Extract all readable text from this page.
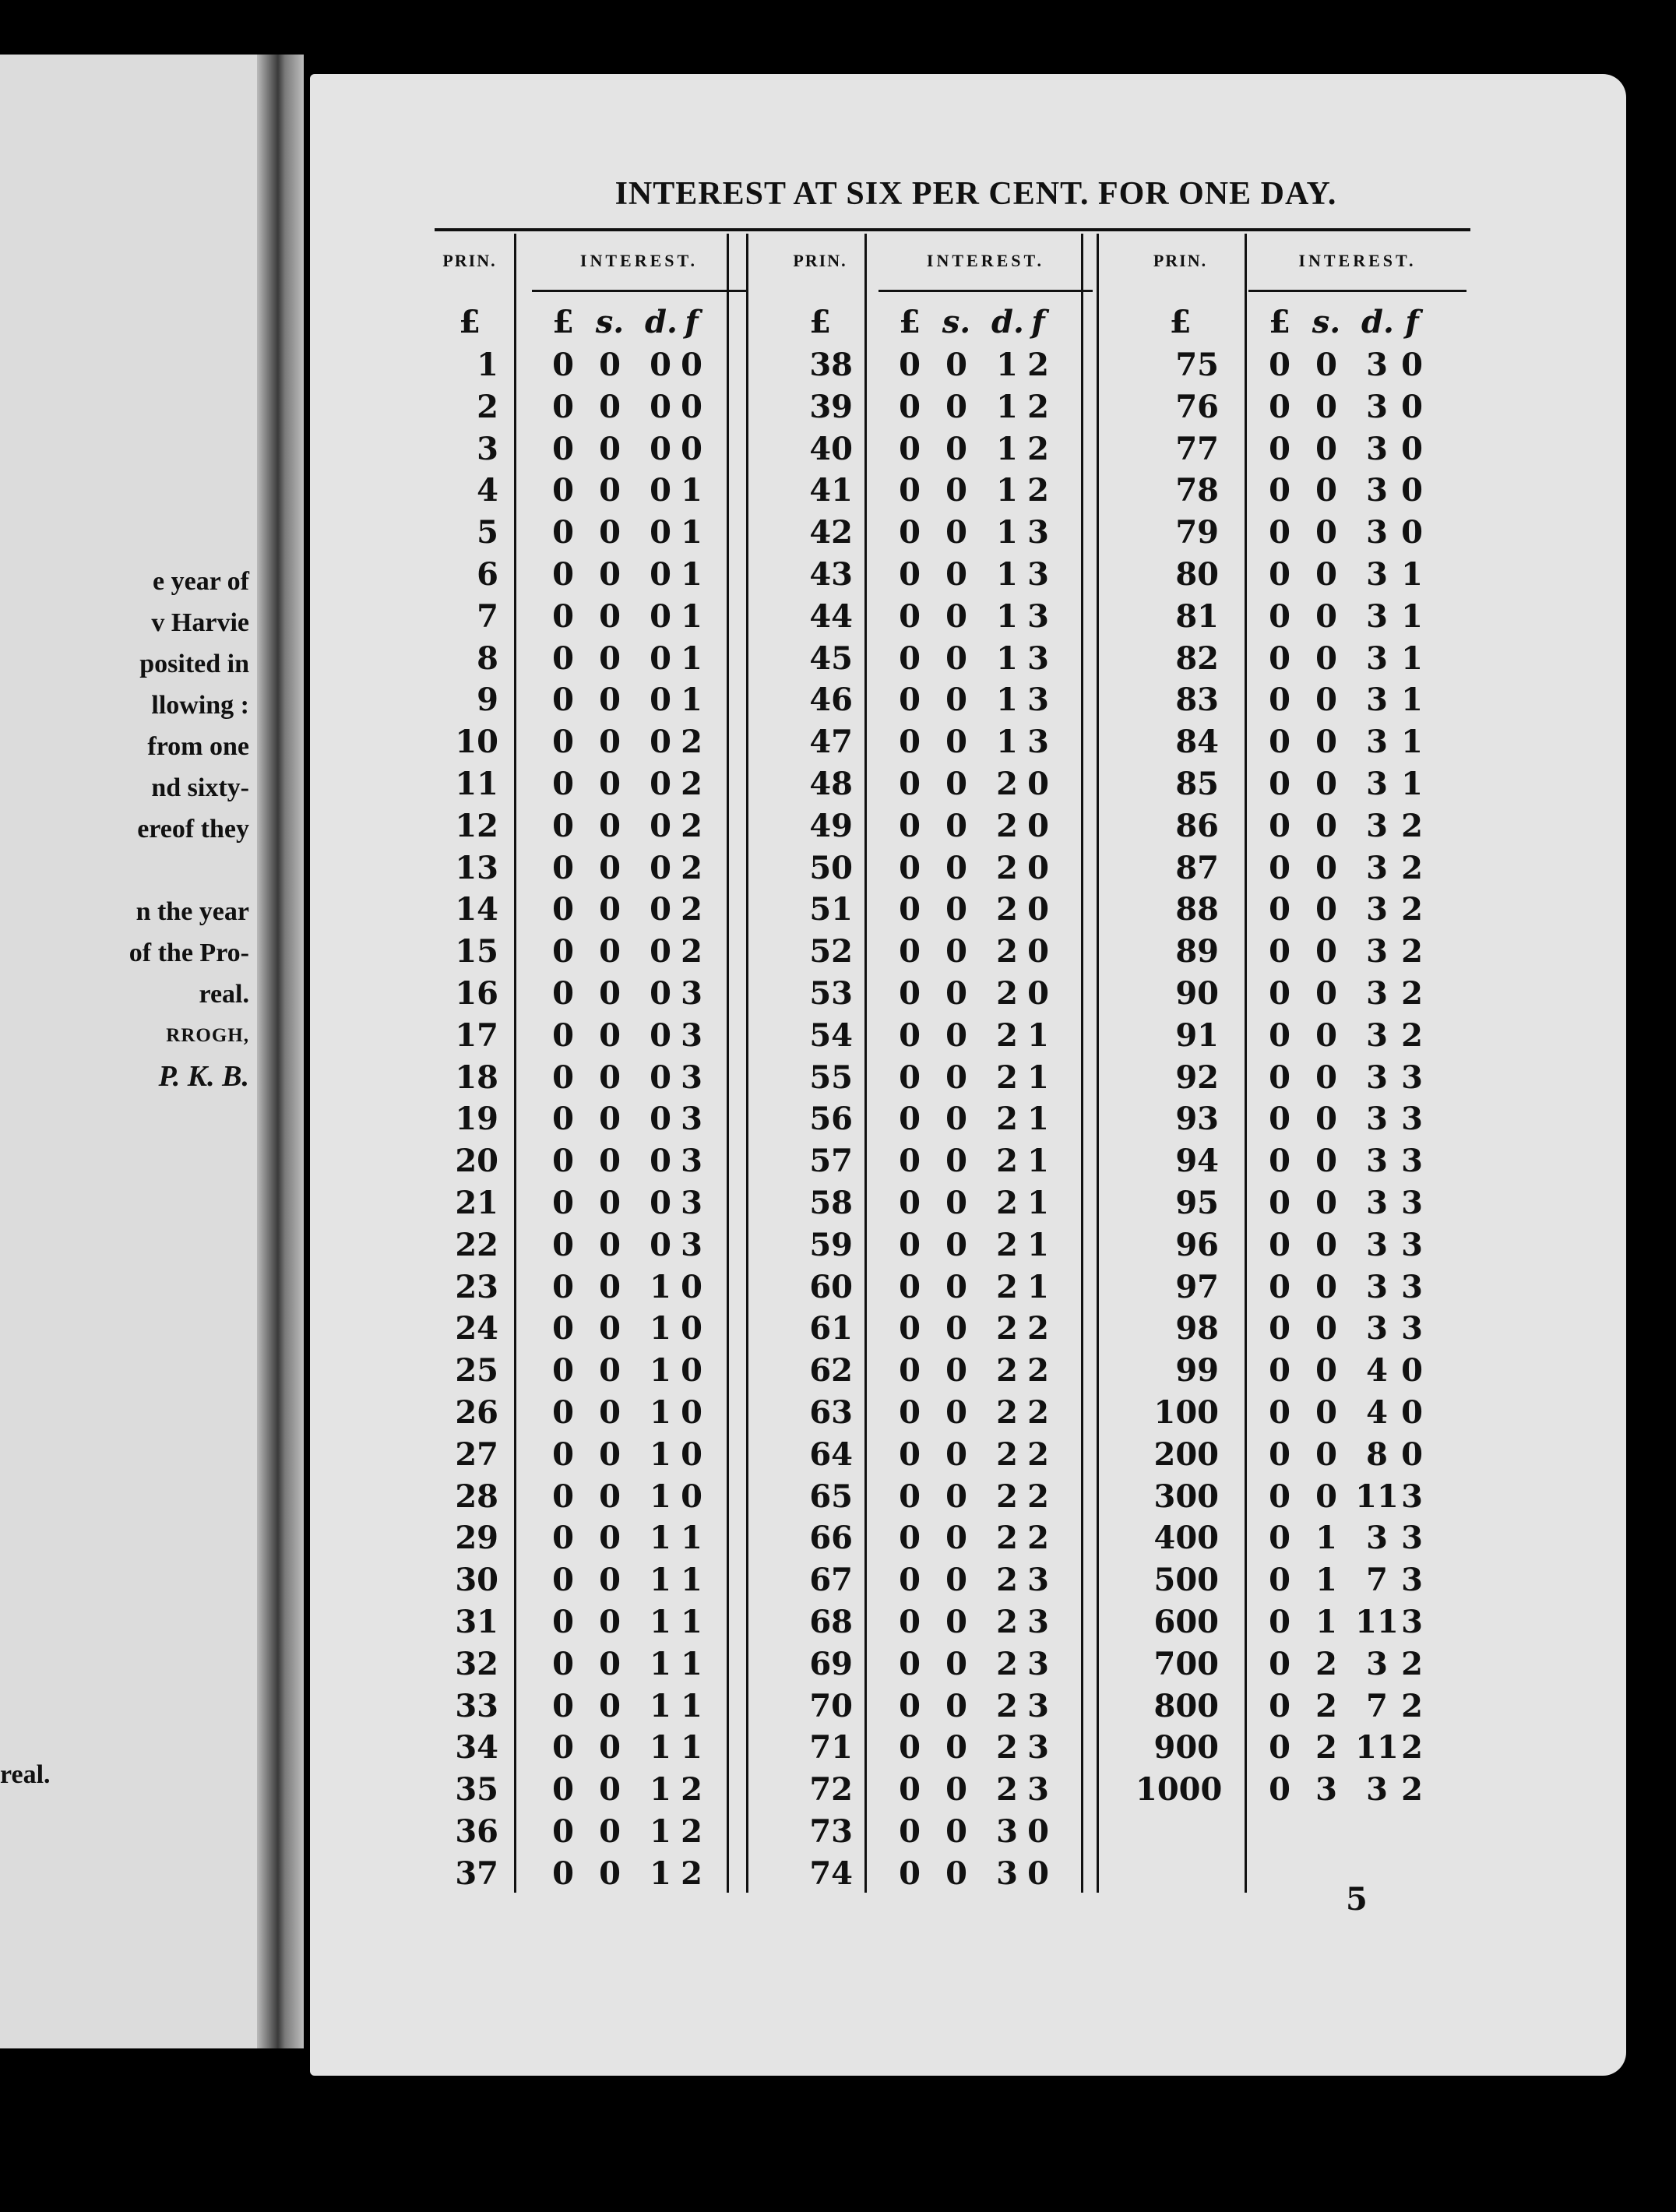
e year of
v Harvie
posited in
llowing :
from one
nd sixty-
ereof they

n the year
of the Pro-
real.
RROGH,
P. K. B.
real.
INTEREST AT SIX PER CENT. FOR ONE DAY.
PRIN.	INTEREST.
£	£ s. d. f
1 0 0 0 0
2 0 0 0 0
3 0 0 0 0
4 0 0 0 1
5 0 0 0 1
6 0 0 0 1
7 0 0 0 1
8 0 0 0 1
9 0 0 0 1
10 0 0 0 2
11 0 0 0 2
12 0 0 0 2
13 0 0 0 2
14 0 0 0 2
15 0 0 0 2
16 0 0 0 3
17 0 0 0 3
18 0 0 0 3
19 0 0 0 3
20 0 0 0 3
21 0 0 0 3
22 0 0 0 3
23 0 0 1 0
24 0 0 1 0
25 0 0 1 0
26 0 0 1 0
27 0 0 1 0
28 0 0 1 0
29 0 0 1 1
30 0 0 1 1
31 0 0 1 1
32 0 0 1 1
33 0 0 1 1
34 0 0 1 1
35 0 0 1 2
36 0 0 1 2
37 0 0 1 2
PRIN.	INTEREST.
£	£ s. d. f
38 0 0 1 2
39 0 0 1 2
40 0 0 1 2
41 0 0 1 2
42 0 0 1 3
43 0 0 1 3
44 0 0 1 3
45 0 0 1 3
46 0 0 1 3
47 0 0 1 3
48 0 0 2 0
49 0 0 2 0
50 0 0 2 0
51 0 0 2 0
52 0 0 2 0
53 0 0 2 0
54 0 0 2 1
55 0 0 2 1
56 0 0 2 1
57 0 0 2 1
58 0 0 2 1
59 0 0 2 1
60 0 0 2 1
61 0 0 2 2
62 0 0 2 2
63 0 0 2 2
64 0 0 2 2
65 0 0 2 2
66 0 0 2 2
67 0 0 2 3
68 0 0 2 3
69 0 0 2 3
70 0 0 2 3
71 0 0 2 3
72 0 0 2 3
73 0 0 3 0
74 0 0 3 0
PRIN.	INTEREST.
£	£ s. d. f
75 0 0 3 0
76 0 0 3 0
77 0 0 3 0
78 0 0 3 0
79 0 0 3 0
80 0 0 3 1
81 0 0 3 1
82 0 0 3 1
83 0 0 3 1
84 0 0 3 1
85 0 0 3 1
86 0 0 3 2
87 0 0 3 2
88 0 0 3 2
89 0 0 3 2
90 0 0 3 2
91 0 0 3 2
92 0 0 3 3
93 0 0 3 3
94 0 0 3 3
95 0 0 3 3
96 0 0 3 3
97 0 0 3 3
98 0 0 3 3
99 0 0 4 0
100 0 0 4 0
200 0 0 8 0
300 0 0 11 3
400 0 1 3 3
500 0 1 7 3
600 0 1 11 3
700 0 2 3 2
800 0 2 7 2
900 0 2 11 2
1000 0 3 3 2
5
